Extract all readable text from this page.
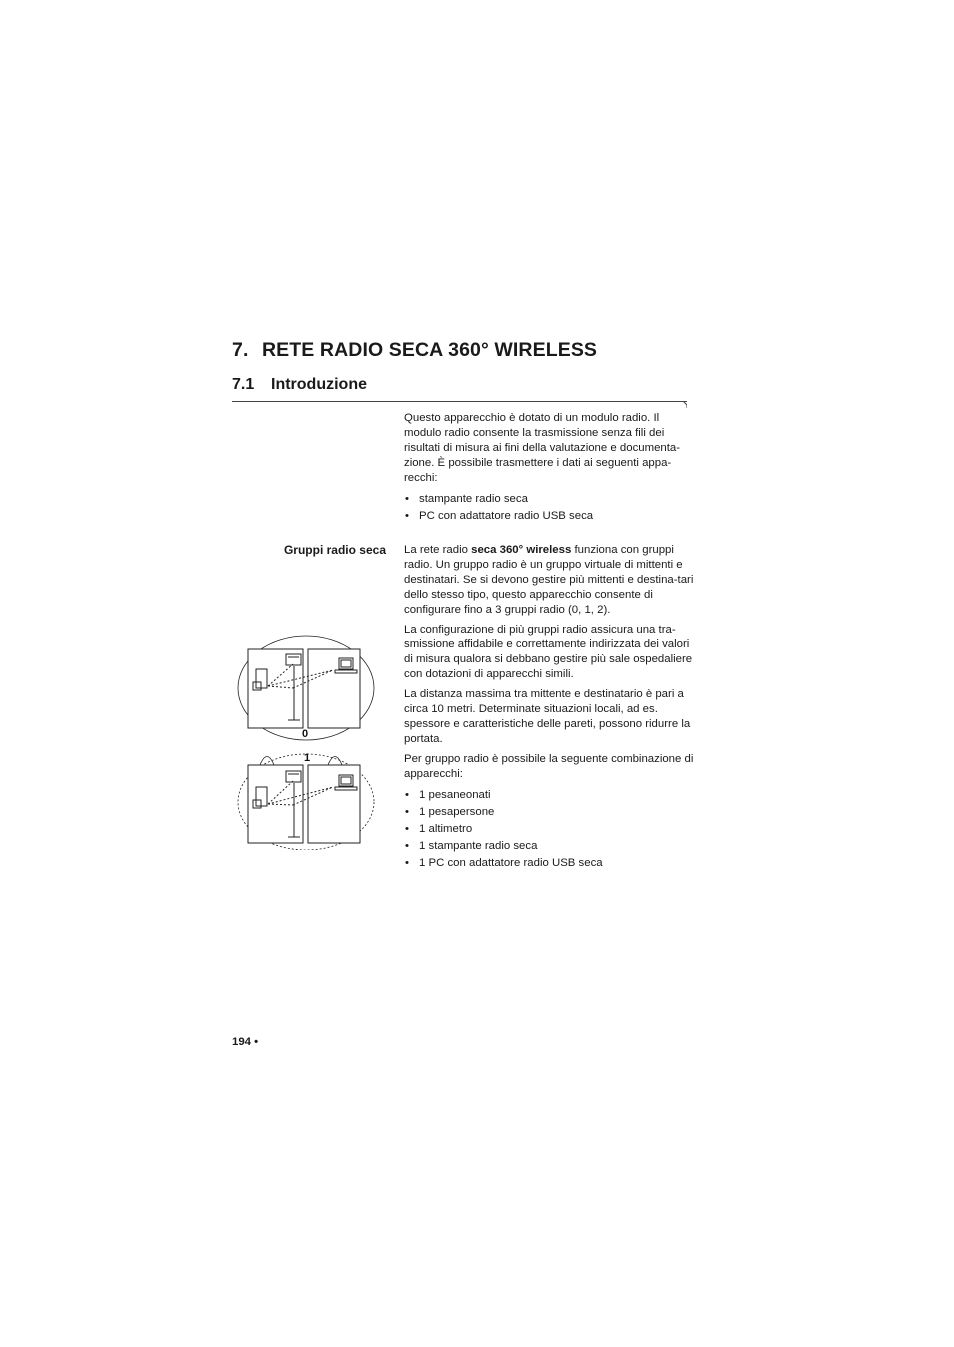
7. RETE RADIO SECA 360° WIRELESS
7.1 Introduzione

Questo apparecchio è dotato di un modulo radio. Il modulo radio consente la trasmissione senza fili dei risultati di misura ai fini della valutazione e documenta-zione. È possibile trasmettere i dati ai seguenti appa-recchi:

• stampante radio seca
• PC con adattatore radio USB seca
Gruppi radio seca La rete radio seca 360° wireless funziona con gruppi radio. Un gruppo radio è un gruppo virtuale di mittenti e destinatari. Se si devono gestire più mittenti e destina-tari dello stesso tipo, questo apparecchio consente di configurare fino a 3 gruppi radio (0, 1, 2).

La configurazione di più gruppi radio assicura una tra-smissione affidabile e correttamente indirizzata dei valori di misura qualora si debbano gestire più sale ospedaliere con dotazioni di apparecchi simili.

La distanza massima tra mittente e destinatario è pari a circa 10 metri. Determinate situazioni locali, ad es. spessore e caratteristiche delle pareti, possono ridurre la portata.

Per gruppo radio è possibile la seguente combinazione di apparecchi:

• 1 pesaneonati
• 1 pesapersone
• 1 altimetro
• 1 stampante radio seca
• 1 PC con adattatore radio USB seca
0
1
194 •
